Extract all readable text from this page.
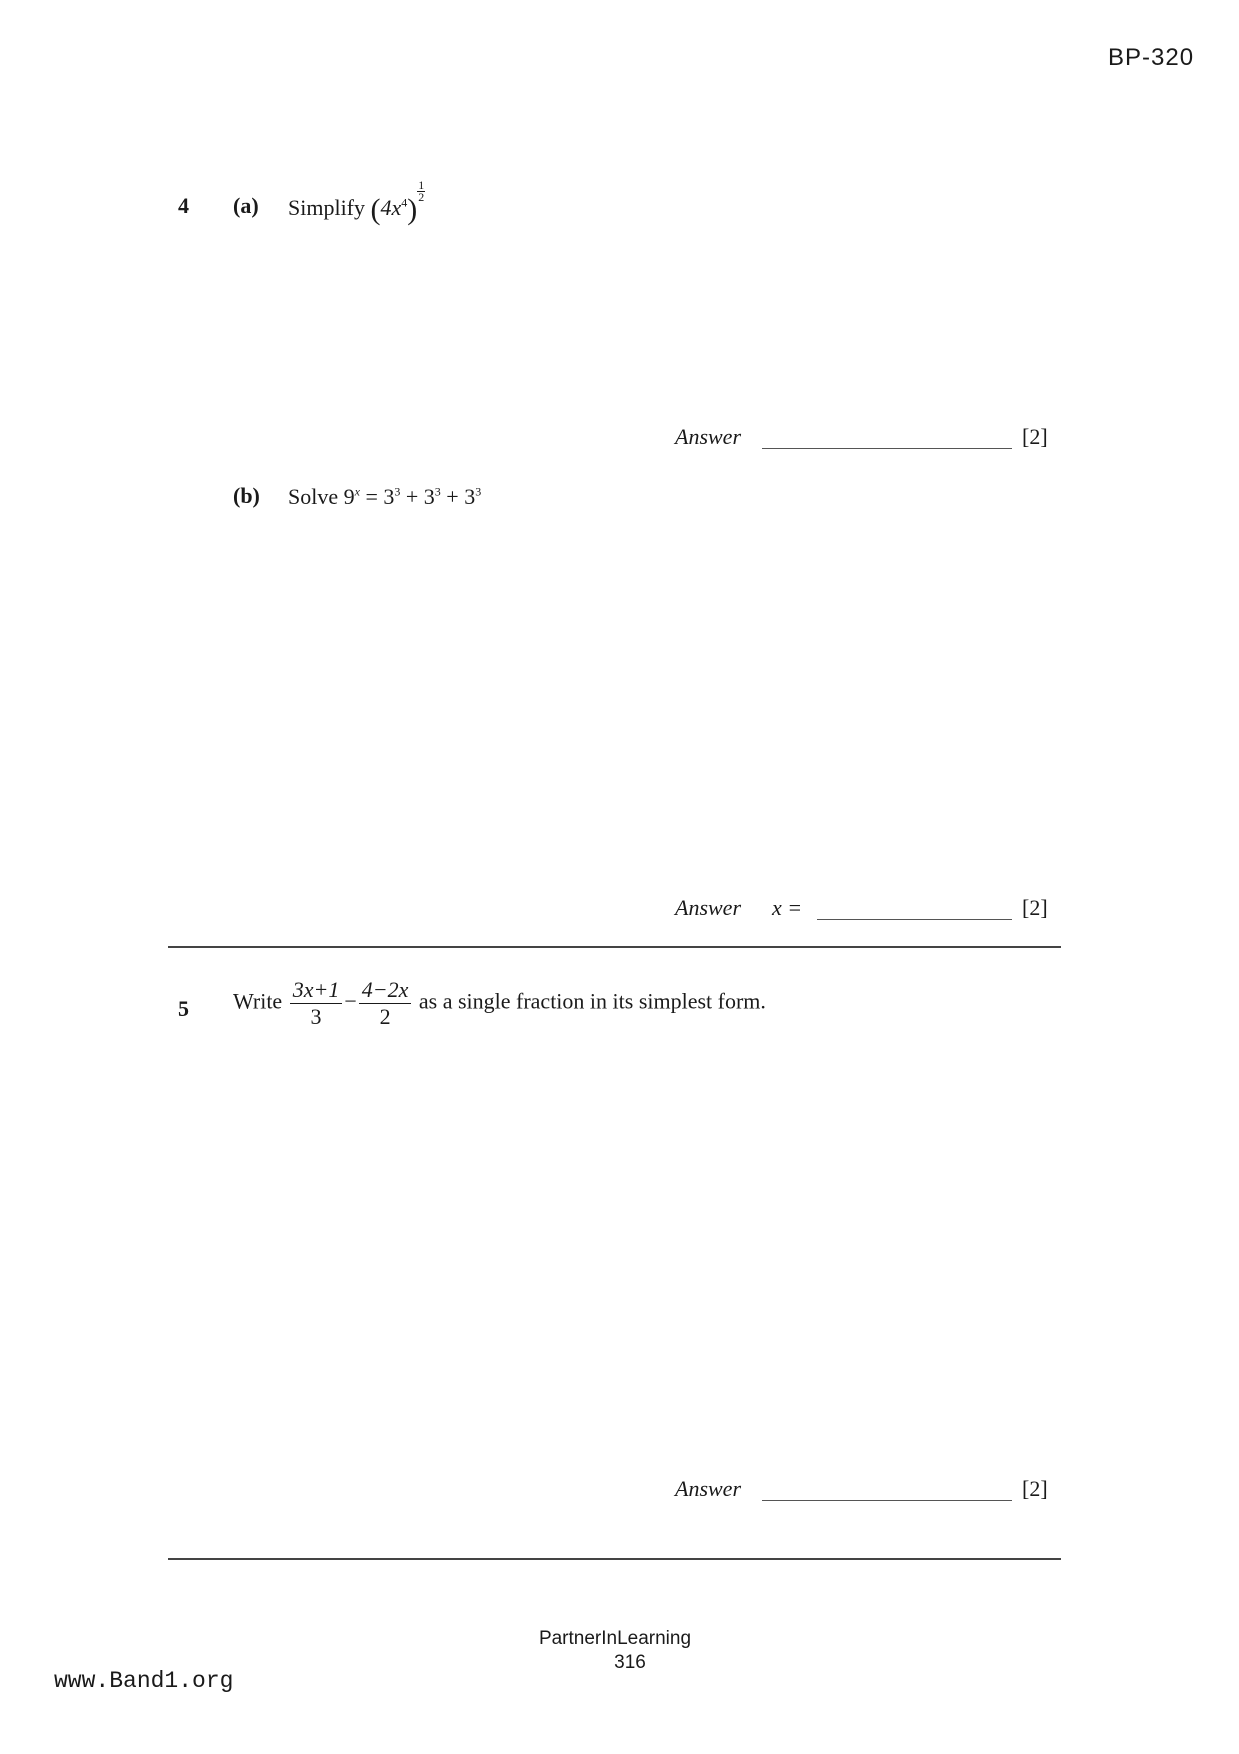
BP-320
4 (a) Simplify $(4x^4)$
$\frac{1}{2}$
Answer	[2]
(b) Solve $9^x = 3^3 + 3^3 + 3^3$
Answer x =	[2]
5 Write $\frac{3x+1}{3} - \frac{4-2x}{2}$ as a single fraction in its simplest form.
Answer	[2]
PartnerInLearning
316
www.Band1.org
